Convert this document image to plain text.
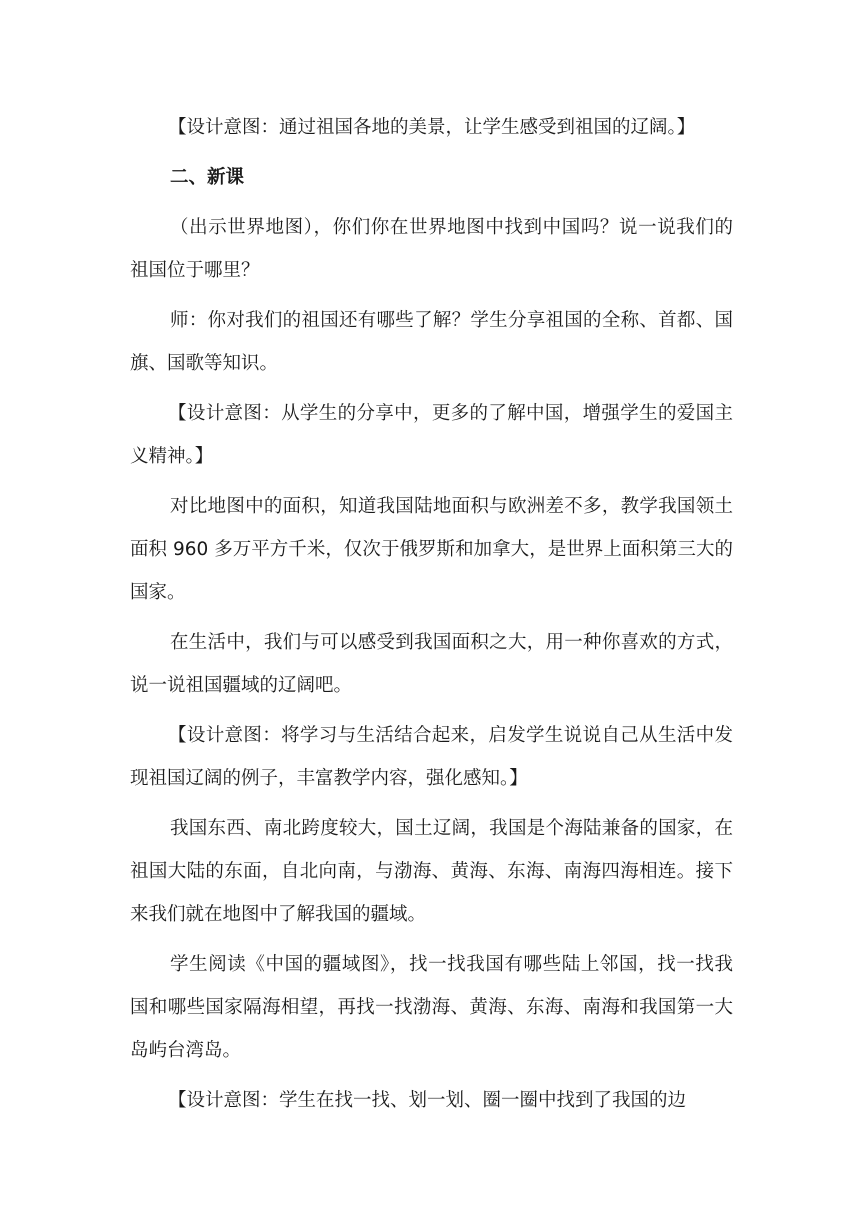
【设计意图：通过祖国各地的美景，让学生感受到祖国的辽阔。】

二、新课

（出示世界地图），你们你在世界地图中找到中国吗？说一说我们的祖国位于哪里？

师：你对我们的祖国还有哪些了解？学生分享祖国的全称、首都、国旗、国歌等知识。

【设计意图：从学生的分享中，更多的了解中国，增强学生的爱国主义精神。】

对比地图中的面积，知道我国陆地面积与欧洲差不多，教学我国领土面积 960 多万平方千米，仅次于俄罗斯和加拿大，是世界上面积第三大的国家。

在生活中，我们与可以感受到我国面积之大，用一种你喜欢的方式，说一说祖国疆域的辽阔吧。

【设计意图：将学习与生活结合起来，启发学生说说自己从生活中发现祖国辽阔的例子，丰富教学内容，强化感知。】

我国东西、南北跨度较大，国土辽阔，我国是个海陆兼备的国家，在祖国大陆的东面，自北向南，与渤海、黄海、东海、南海四海相连。接下来我们就在地图中了解我国的疆域。

学生阅读《中国的疆域图》，找一找我国有哪些陆上邻国，找一找我国和哪些国家隔海相望，再找一找渤海、黄海、东海、南海和我国第一大岛屿台湾岛。

【设计意图：学生在找一找、划一划、圈一圈中找到了我国的边
